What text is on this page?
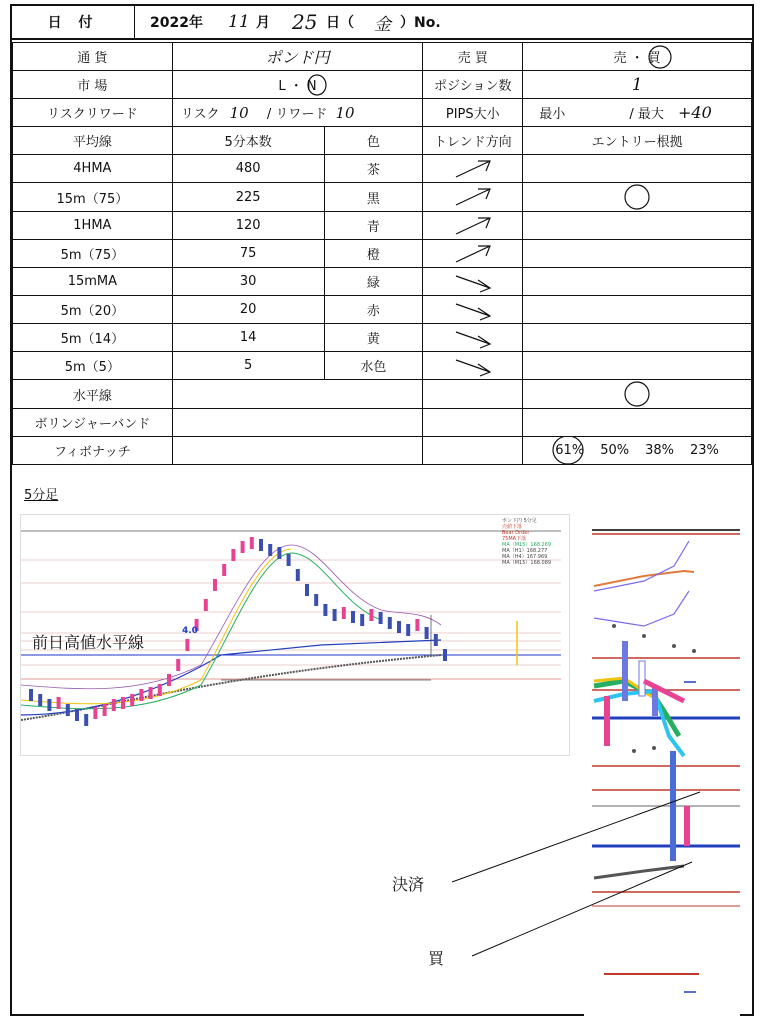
日 付	2022年 11 月 25 日（ 金 ）No.
通 貨	ポンド円		売 買	売 ・ 買

市 場	L ・ N		ポジション数	1
リスクリワード	リスク 10 / リワード 10		PIPS大小	最小 / 最大 +40
平均線	5分本数	色	トレンド方向	エントリー根拠
4HMA	480	茶	

15m（75）	225	黒	

1HMA	120	青	

5m（75）	75	橙	

15mMA	30	緑	

5m（20）	20	赤	

5m（14）	14	黄	

5m（5）	5	水色	

水平線			

ボリンジャーバンド				
フィボナッチ				61% 50% 38% 23%
5分足
前日高値水平線
4.0
ポンド円 5分足
売値下落
Bear Order
75MA下落
MA（M15）168.269
MA（H1）168.277
MA（H4）167.969
MA（M15）168.089
決済
買
